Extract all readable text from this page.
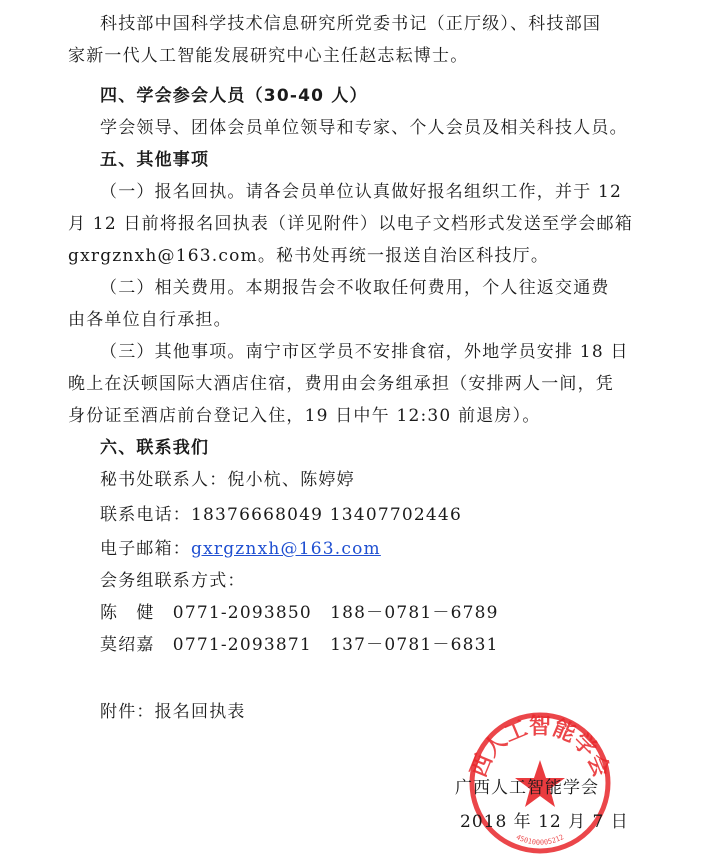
科技部中国科学技术信息研究所党委书记（正厅级）、科技部国
家新一代人工智能发展研究中心主任赵志耘博士。
四、学会参会人员（30-40 人）
学会领导、团体会员单位领导和专家、个人会员及相关科技人员。
五、其他事项
（一）报名回执。请各会员单位认真做好报名组织工作，并于 12
月 12 日前将报名回执表（详见附件）以电子文档形式发送至学会邮箱
gxrgznxh@163.com。秘书处再统一报送自治区科技厅。
（二）相关费用。本期报告会不收取任何费用，个人往返交通费
由各单位自行承担。
（三）其他事项。南宁市区学员不安排食宿，外地学员安排 18 日
晚上在沃顿国际大酒店住宿，费用由会务组承担（安排两人一间，凭
身份证至酒店前台登记入住，19 日中午 12:30 前退房）。
六、联系我们
秘书处联系人：倪小杭、陈婷婷
联系电话：18376668049 13407702446
电子邮箱：gxrgznxh@163.com
会务组联系方式：
陈　健　0771-2093850　188－0781－6789
莫绍嘉　0771-2093871　137－0781－6831
附件：报名回执表
西人工智能学会
450100005212
广西人工智能学会
2018 年 12 月 7 日
